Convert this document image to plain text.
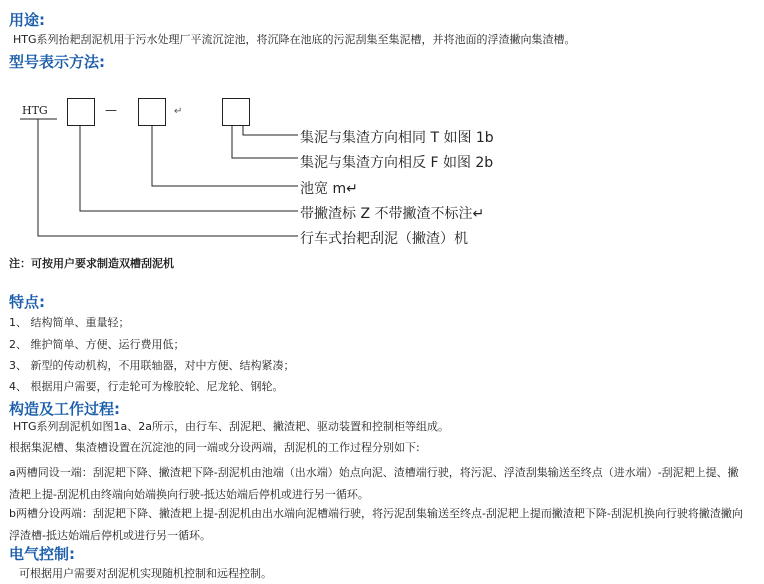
用途:
HTG系列抬耙刮泥机用于污水处理厂平流沉淀池，将沉降在池底的污泥刮集至集泥槽，并将池面的浮渣撇向集渣槽。
型号表示方法:
HTG	—	↵
集泥与集渣方向相同 T 如图 1b
集泥与集渣方向相反 F 如图 2b
池宽 m↵
带撇渣标 Z 不带撇渣不标注↵
行车式抬耙刮泥（撇渣）机
注：可按用户要求制造双槽刮泥机
特点:
1、 结构简单、重量轻；
2、 维护简单、方便、运行费用低；
3、 新型的传动机构，不用联轴器，对中方便、结构紧凑；
4、 根据用户需要，行走轮可为橡胶轮、尼龙轮、钢轮。
构造及工作过程:
HTG系列刮泥机如图1a、2a所示，由行车、刮泥耙、撇渣耙、驱动装置和控制柜等组成。
根据集泥槽、集渣槽设置在沉淀池的同一端或分设两端，刮泥机的工作过程分别如下:
a两槽同设一端：刮泥耙下降、撇渣耙下降-刮泥机由池端（出水端）始点向泥、渣槽端行驶，将污泥、浮渣刮集输送至终点（进水端）-刮泥耙上提、撇渣耙上提-刮泥机由终端向始端换向行驶-抵达始端后停机或进行另一循环。
b两槽分设两端：刮泥耙下降、撇渣耙上提-刮泥机由出水端向泥槽端行驶，将污泥刮集输送至终点-刮泥耙上提而撇渣耙下降-刮泥机换向行驶将撇渣撇向浮渣槽-抵达始端后停机或进行另一循环。
电气控制:
可根据用户需要对刮泥机实现随机控制和远程控制。
